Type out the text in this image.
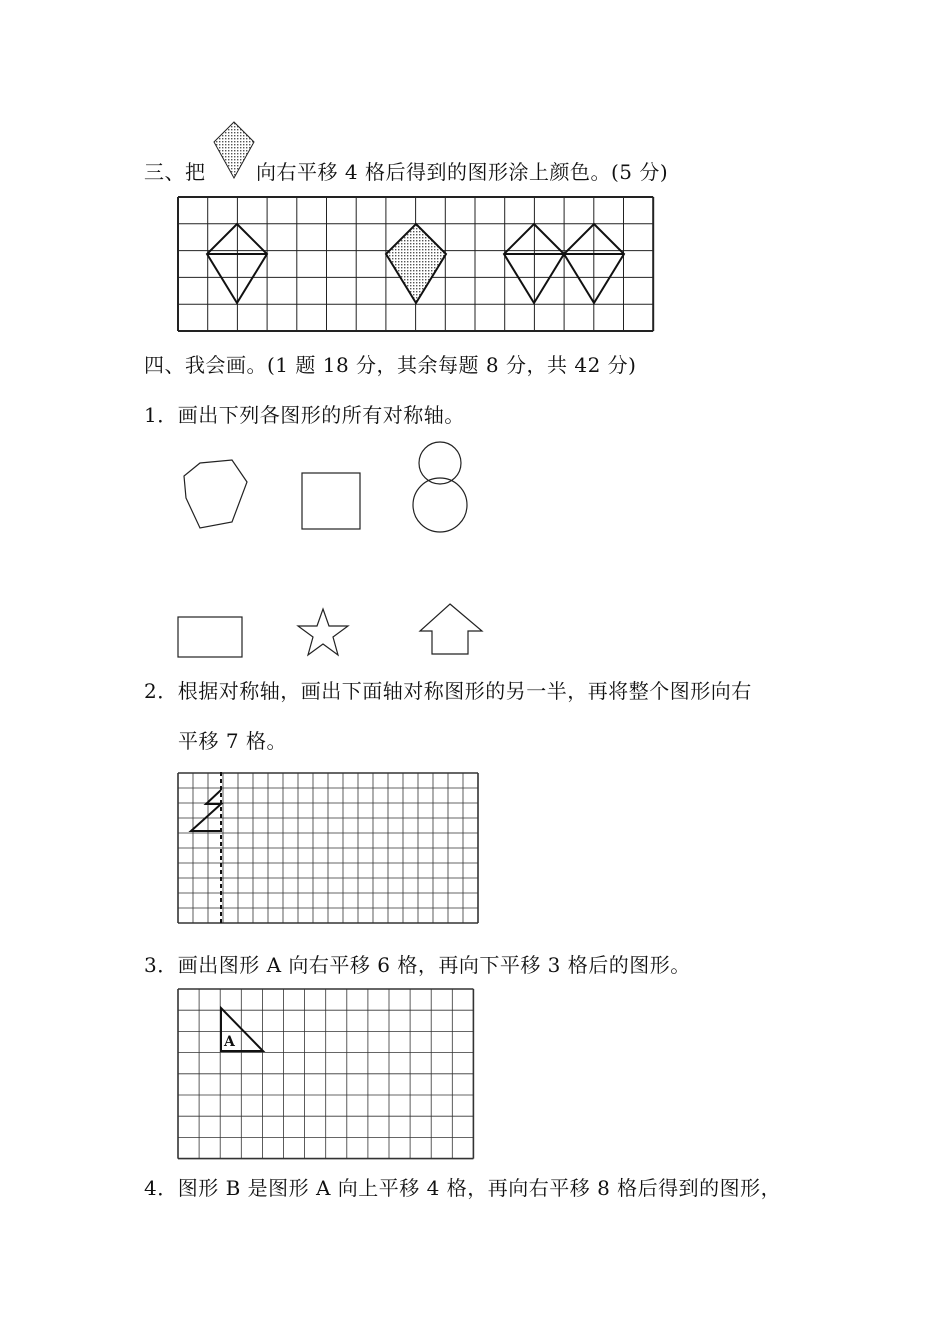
三、把	向右平移 4 格后得到的图形涂上颜色。(5 分)
四、我会画。(1 题 18 分，其余每题 8 分，共 42 分)
1．画出下列各图形的所有对称轴。
2．根据对称轴，画出下面轴对称图形的另一半，再将整个图形向右
平移 7 格。
3．画出图形 A 向右平移 6 格，再向下平移 3 格后的图形。
A
4．图形 B 是图形 A 向上平移 4 格，再向右平移 8 格后得到的图形，
